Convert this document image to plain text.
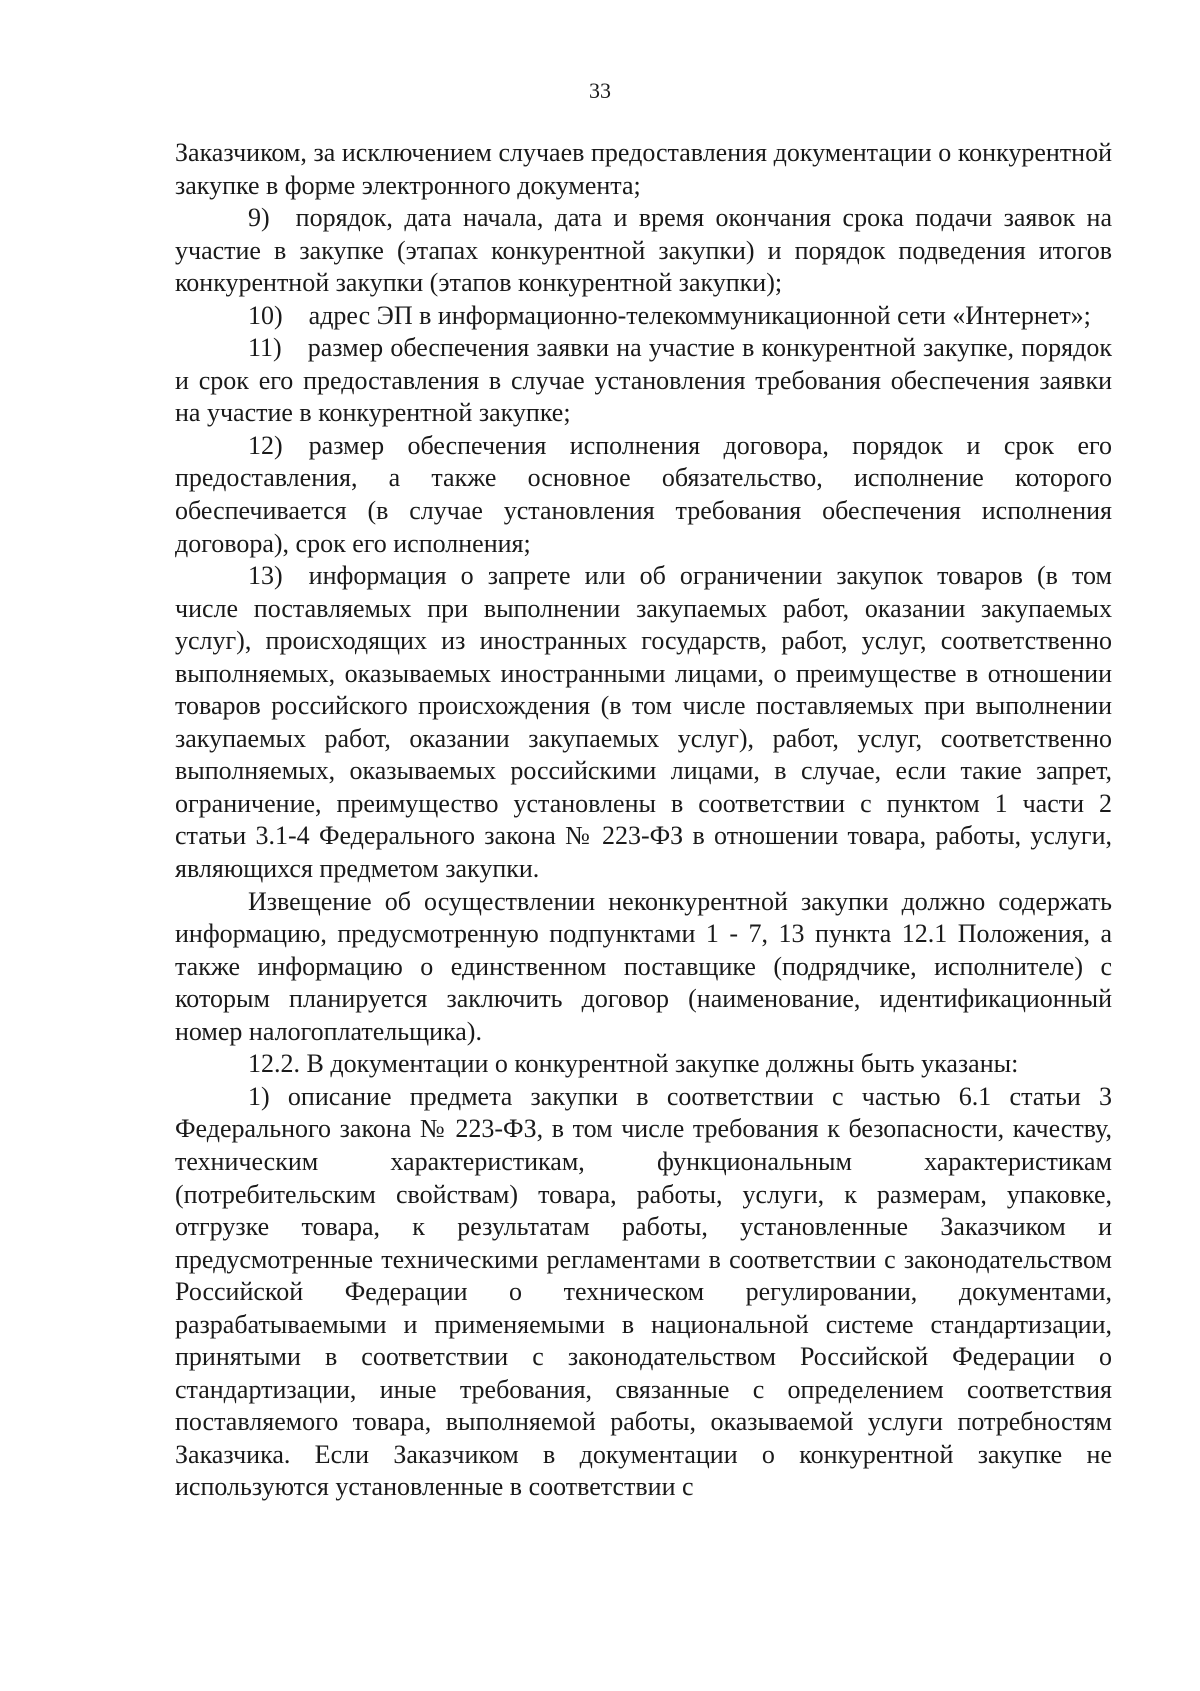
33

Заказчиком, за исключением случаев предоставления документации о конкурентной закупке в форме электронного документа;

9) порядок, дата начала, дата и время окончания срока подачи заявок на участие в закупке (этапах конкурентной закупки) и порядок подведения итогов конкурентной закупки (этапов конкурентной закупки);

10) адрес ЭП в информационно-телекоммуникационной сети «Интернет»;

11) размер обеспечения заявки на участие в конкурентной закупке, порядок и срок его предоставления в случае установления требования обеспечения заявки на участие в конкурентной закупке;

12) размер обеспечения исполнения договора, порядок и срок его предоставления, а также основное обязательство, исполнение которого обеспечивается (в случае установления требования обеспечения исполнения договора), срок его исполнения;

13) информация о запрете или об ограничении закупок товаров (в том числе поставляемых при выполнении закупаемых работ, оказании закупаемых услуг), происходящих из иностранных государств, работ, услуг, соответственно выполняемых, оказываемых иностранными лицами, о преимуществе в отношении товаров российского происхождения (в том числе поставляемых при выполнении закупаемых работ, оказании закупаемых услуг), работ, услуг, соответственно выполняемых, оказываемых российскими лицами, в случае, если такие запрет, ограничение, преимущество установлены в соответствии с пунктом 1 части 2 статьи 3.1-4 Федерального закона № 223-ФЗ в отношении товара, работы, услуги, являющихся предметом закупки.

Извещение об осуществлении неконкурентной закупки должно содержать информацию, предусмотренную подпунктами 1 - 7, 13 пункта 12.1 Положения, а также информацию о единственном поставщике (подрядчике, исполнителе) с которым планируется заключить договор (наименование, идентификационный номер налогоплательщика).

12.2. В документации о конкурентной закупке должны быть указаны:

1) описание предмета закупки в соответствии с частью 6.1 статьи 3 Федерального закона № 223-ФЗ, в том числе требования к безопасности, качеству, техническим характеристикам, функциональным характеристикам (потребительским свойствам) товара, работы, услуги, к размерам, упаковке, отгрузке товара, к результатам работы, установленные Заказчиком и предусмотренные техническими регламентами в соответствии с законодательством Российской Федерации о техническом регулировании, документами, разрабатываемыми и применяемыми в национальной системе стандартизации, принятыми в соответствии с законодательством Российской Федерации о стандартизации, иные требования, связанные с определением соответствия поставляемого товара, выполняемой работы, оказываемой услуги потребностям Заказчика. Если Заказчиком в документации о конкурентной закупке не используются установленные в соответствии с
